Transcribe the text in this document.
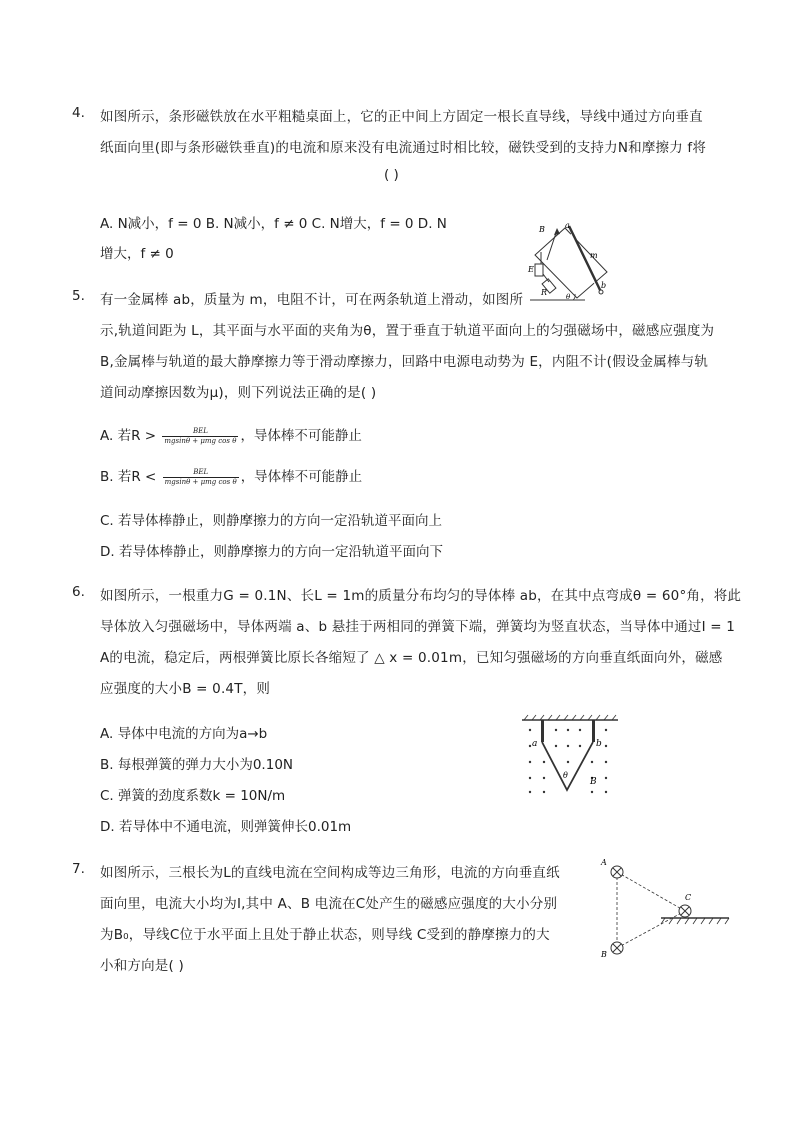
4. 如图所示，条形磁铁放在水平粗糙桌面上，它的正中间上方固定一根长直导线，导线中通过方向垂直
纸面向里(即与条形磁铁垂直)的电流和原来没有电流通过时相比较，磁铁受到的支持力N和摩擦力 f将
( )
A. N减小，f = 0 B. N减小，f ≠ 0 C. N增大，f = 0 D. N
增大，f ≠ 0
B	a
m
E
R
b
θ
5. 有一金属棒 ab，质量为 m，电阻不计，可在两条轨道上滑动，如图所
示,轨道间距为 L，其平面与水平面的夹角为θ，置于垂直于轨道平面向上的匀强磁场中，磁感应强度为
B,金属棒与轨道的最大静摩擦力等于滑动摩擦力，回路中电源电动势为 E，内阻不计(假设金属棒与轨
道间动摩擦因数为μ)，则下列说法正确的是( )
A. 若$R > \frac{\text{BEL}}{\text{mgsinθ + μmg cos θ}}$ ，导体棒不可能静止
B. 若$R < \frac{\text{BEL}}{\text{mgsinθ + μmg cos θ}}$ ，导体棒不可能静止
C. 若导体棒静止，则静摩擦力的方向一定沿轨道平面向上
D. 若导体棒静止，则静摩擦力的方向一定沿轨道平面向下
6. 如图所示，一根重力G = 0.1N、长L = 1m的质量分布均匀的导体棒 ab，在其中点弯成θ = 60°角，将此
导体放入匀强磁场中，导体两端 a、b 悬挂于两相同的弹簧下端，弹簧均为竖直状态，当导体中通过I = 1
A的电流，稳定后，两根弹簧比原长各缩短了 △ x = 0.01m，已知匀强磁场的方向垂直纸面向外，磁感
应强度的大小B = 0.4T，则
A. 导体中电流的方向为a→b
B. 每根弹簧的弹力大小为0.10N
C. 弹簧的劲度系数k = 10N/m
D. 若导体中不通电流，则弹簧伸长0.01m
a	b
θ
B
7. 如图所示，三根长为L的直线电流在空间构成等边三角形，电流的方向垂直纸
面向里，电流大小均为I,其中 A、B 电流在C处产生的磁感应强度的大小分别
为B₀，导线C位于水平面上且处于静止状态，则导线 C受到的静摩擦力的大
小和方向是( )
A
C
B
